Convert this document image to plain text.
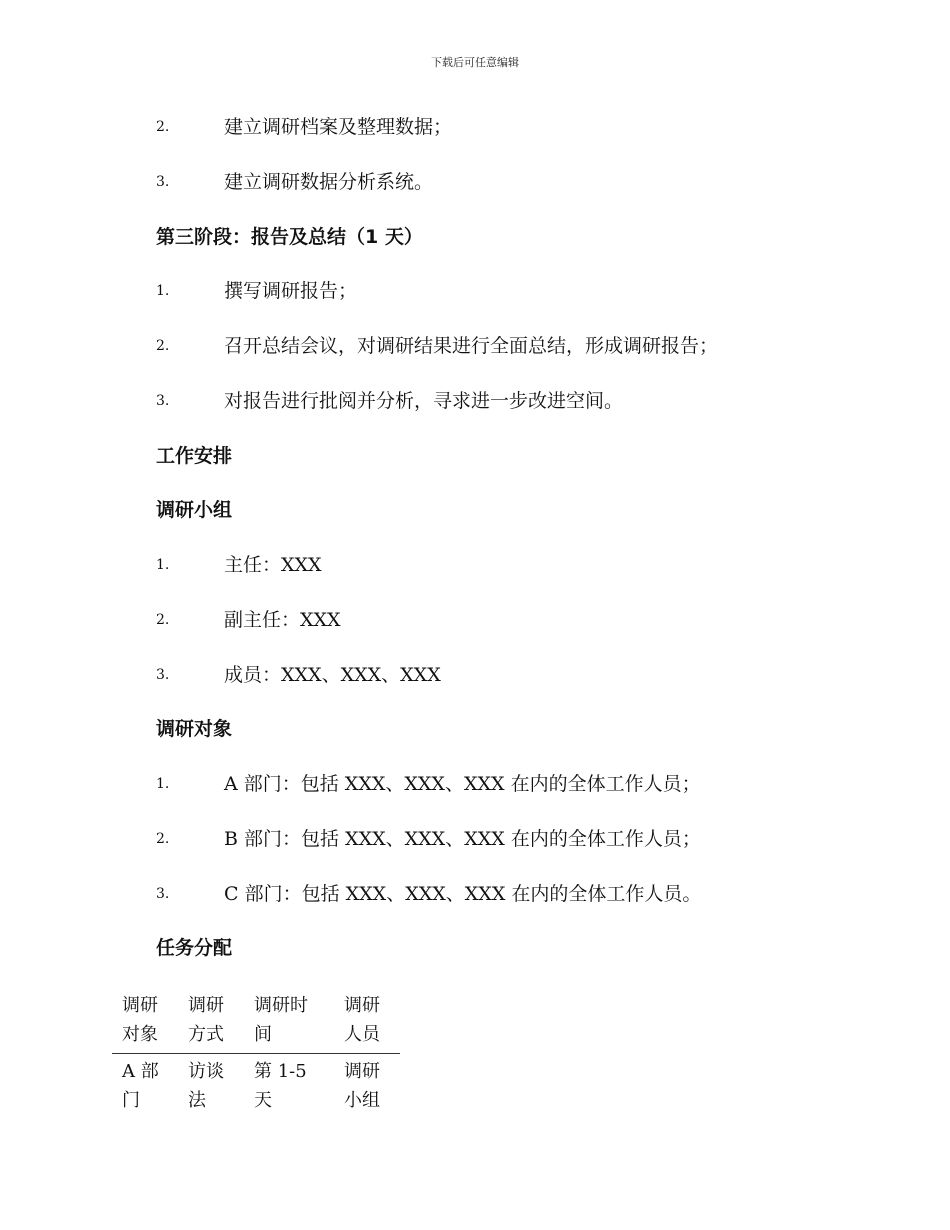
下载后可任意编辑
2.	建立调研档案及整理数据；
3.	建立调研数据分析系统。
第三阶段：报告及总结（1 天）
1.	撰写调研报告；
2.	召开总结会议，对调研结果进行全面总结，形成调研报告；
3.	对报告进行批阅并分析，寻求进一步改进空间。
工作安排
调研小组
1.	主任：XXX
2.	副主任：XXX
3.	成员：XXX、XXX、XXX
调研对象
1.	A 部门：包括 XXX、XXX、XXX 在内的全体工作人员；
2.	B 部门：包括 XXX、XXX、XXX 在内的全体工作人员；
3.	C 部门：包括 XXX、XXX、XXX 在内的全体工作人员。
任务分配
调研对象	调研方式	调研时间	调研人员
A 部门	访谈法	第 1-5 天	调研小组
